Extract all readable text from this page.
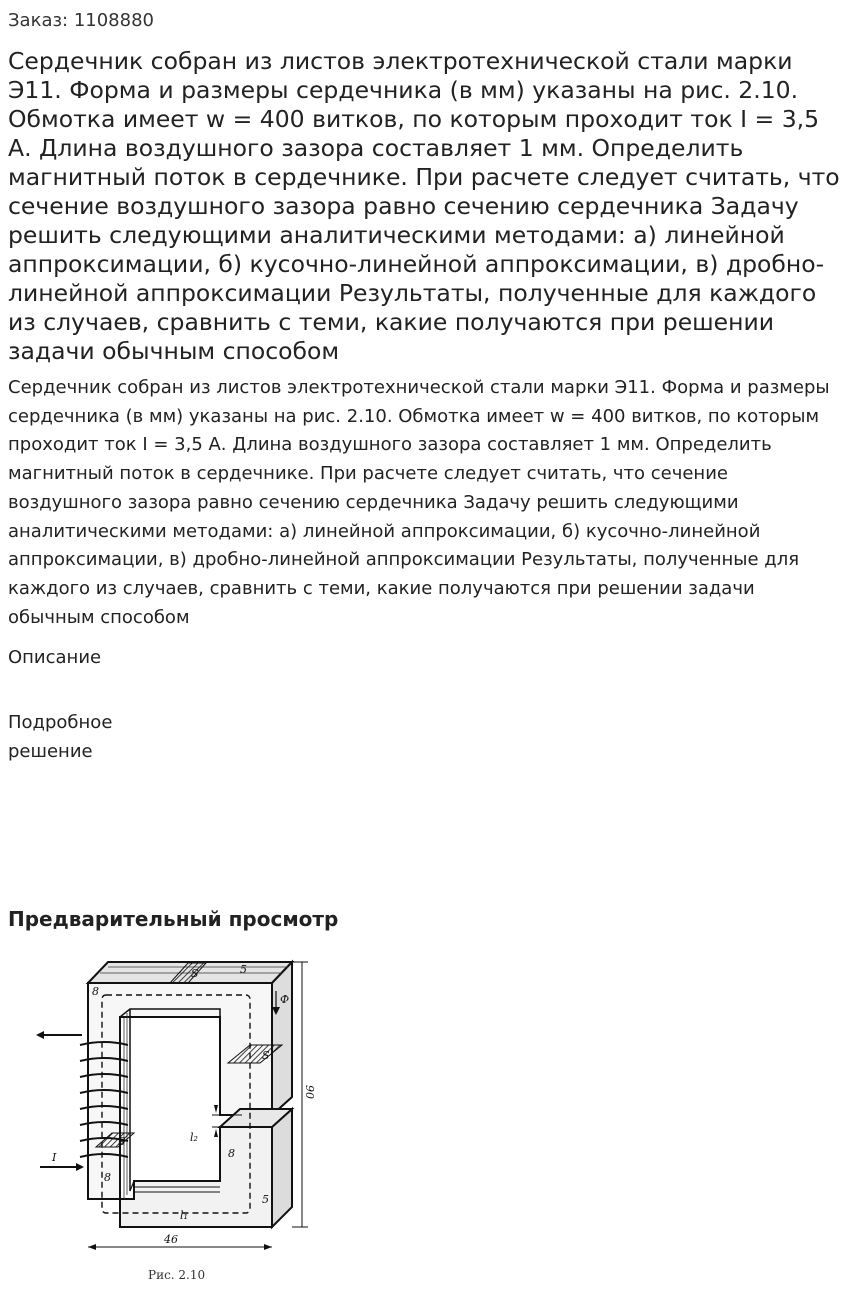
Заказ: 1108880
Сердечник собран из листов электротехнической стали марки Э11. Форма и размеры сердечника (в мм) указаны на рис. 2.10. Обмотка имеет w = 400 витков, по которым проходит ток I = 3,5 А. Длина воздушного зазора составляет 1 мм. Определить магнитный поток в сердечнике. При расчете следует считать, что сечение воздушного зазора равно сечению сердечника Задачу решить следующими аналитическими методами: а) линейной аппроксимации, б) кусочно-линейной аппроксимации, в) дробно-линейной аппроксимации Результаты, полученные для каждого из случаев, сравнить с теми, какие получаются при решении задачи обычным способом

Сердечник собран из листов электротехнической стали марки Э11. Форма и размеры сердечника (в мм) указаны на рис. 2.10. Обмотка имеет w = 400 витков, по которым проходит ток I = 3,5 А. Длина воздушного зазора составляет 1 мм. Определить магнитный поток в сердечнике. При расчете следует считать, что сечение воздушного зазора равно сечению сердечника Задачу решить следующими аналитическими методами: а) линейной аппроксимации, б) кусочно-линейной аппроксимации, в) дробно-линейной аппроксимации Результаты, полученные для каждого из случаев, сравнить с теми, какие получаются при решении задачи обычным способом

Описание
Подробное решение
Предварительный просмотр
S
S
S
Ф
I
l₂
90
46
5
8
8
5
8
l₁
Рис. 2.10
